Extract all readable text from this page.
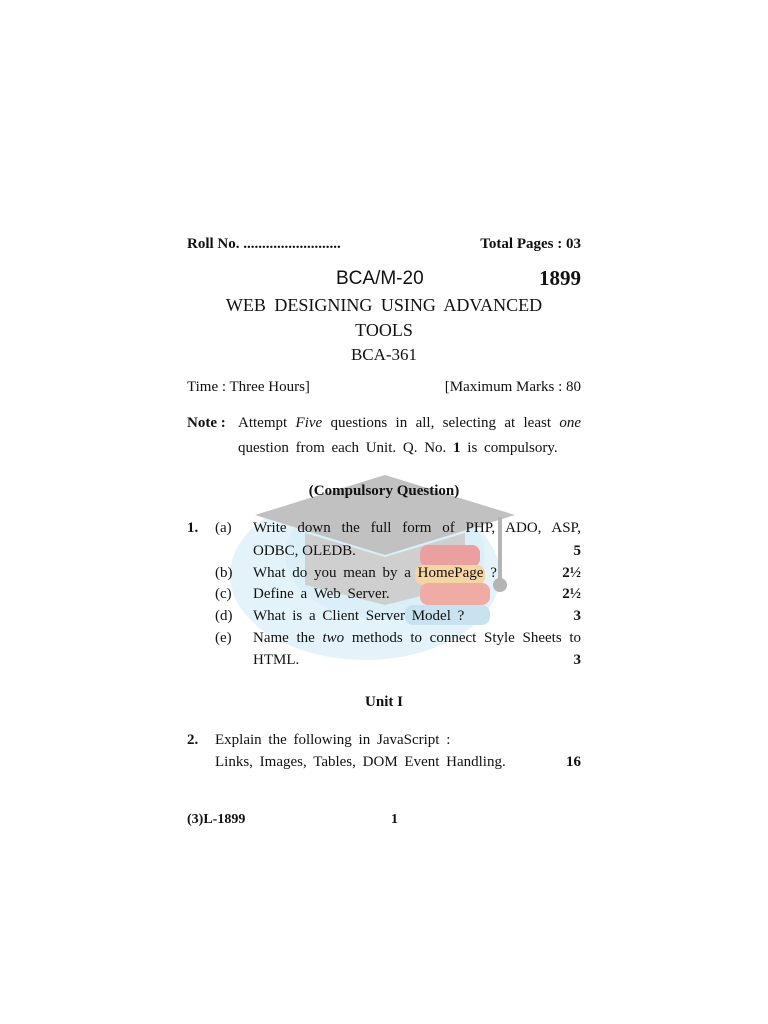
Roll No. ..........................	Total Pages : 03
BCA/M-20	1899
WEB DESIGNING USING ADVANCED
TOOLS
BCA-361
Time : Three Hours]	[Maximum Marks : 80
Note : Attempt Five questions in all, selecting at least one
question from each Unit. Q. No. 1 is compulsory.
(Compulsory Question)
1. (a) Write down the full form of PHP, ADO, ASP,
ODBC, OLEDB.	5
(b) What do you mean by a HomePage ?	2½
(c) Define a Web Server.	2½
(d) What is a Client Server Model ?	3
(e) Name the two methods to connect Style Sheets to
HTML.	3
Unit I
2. Explain the following in JavaScript :
Links, Images, Tables, DOM Event Handling.	16
(3)L-1899	1
